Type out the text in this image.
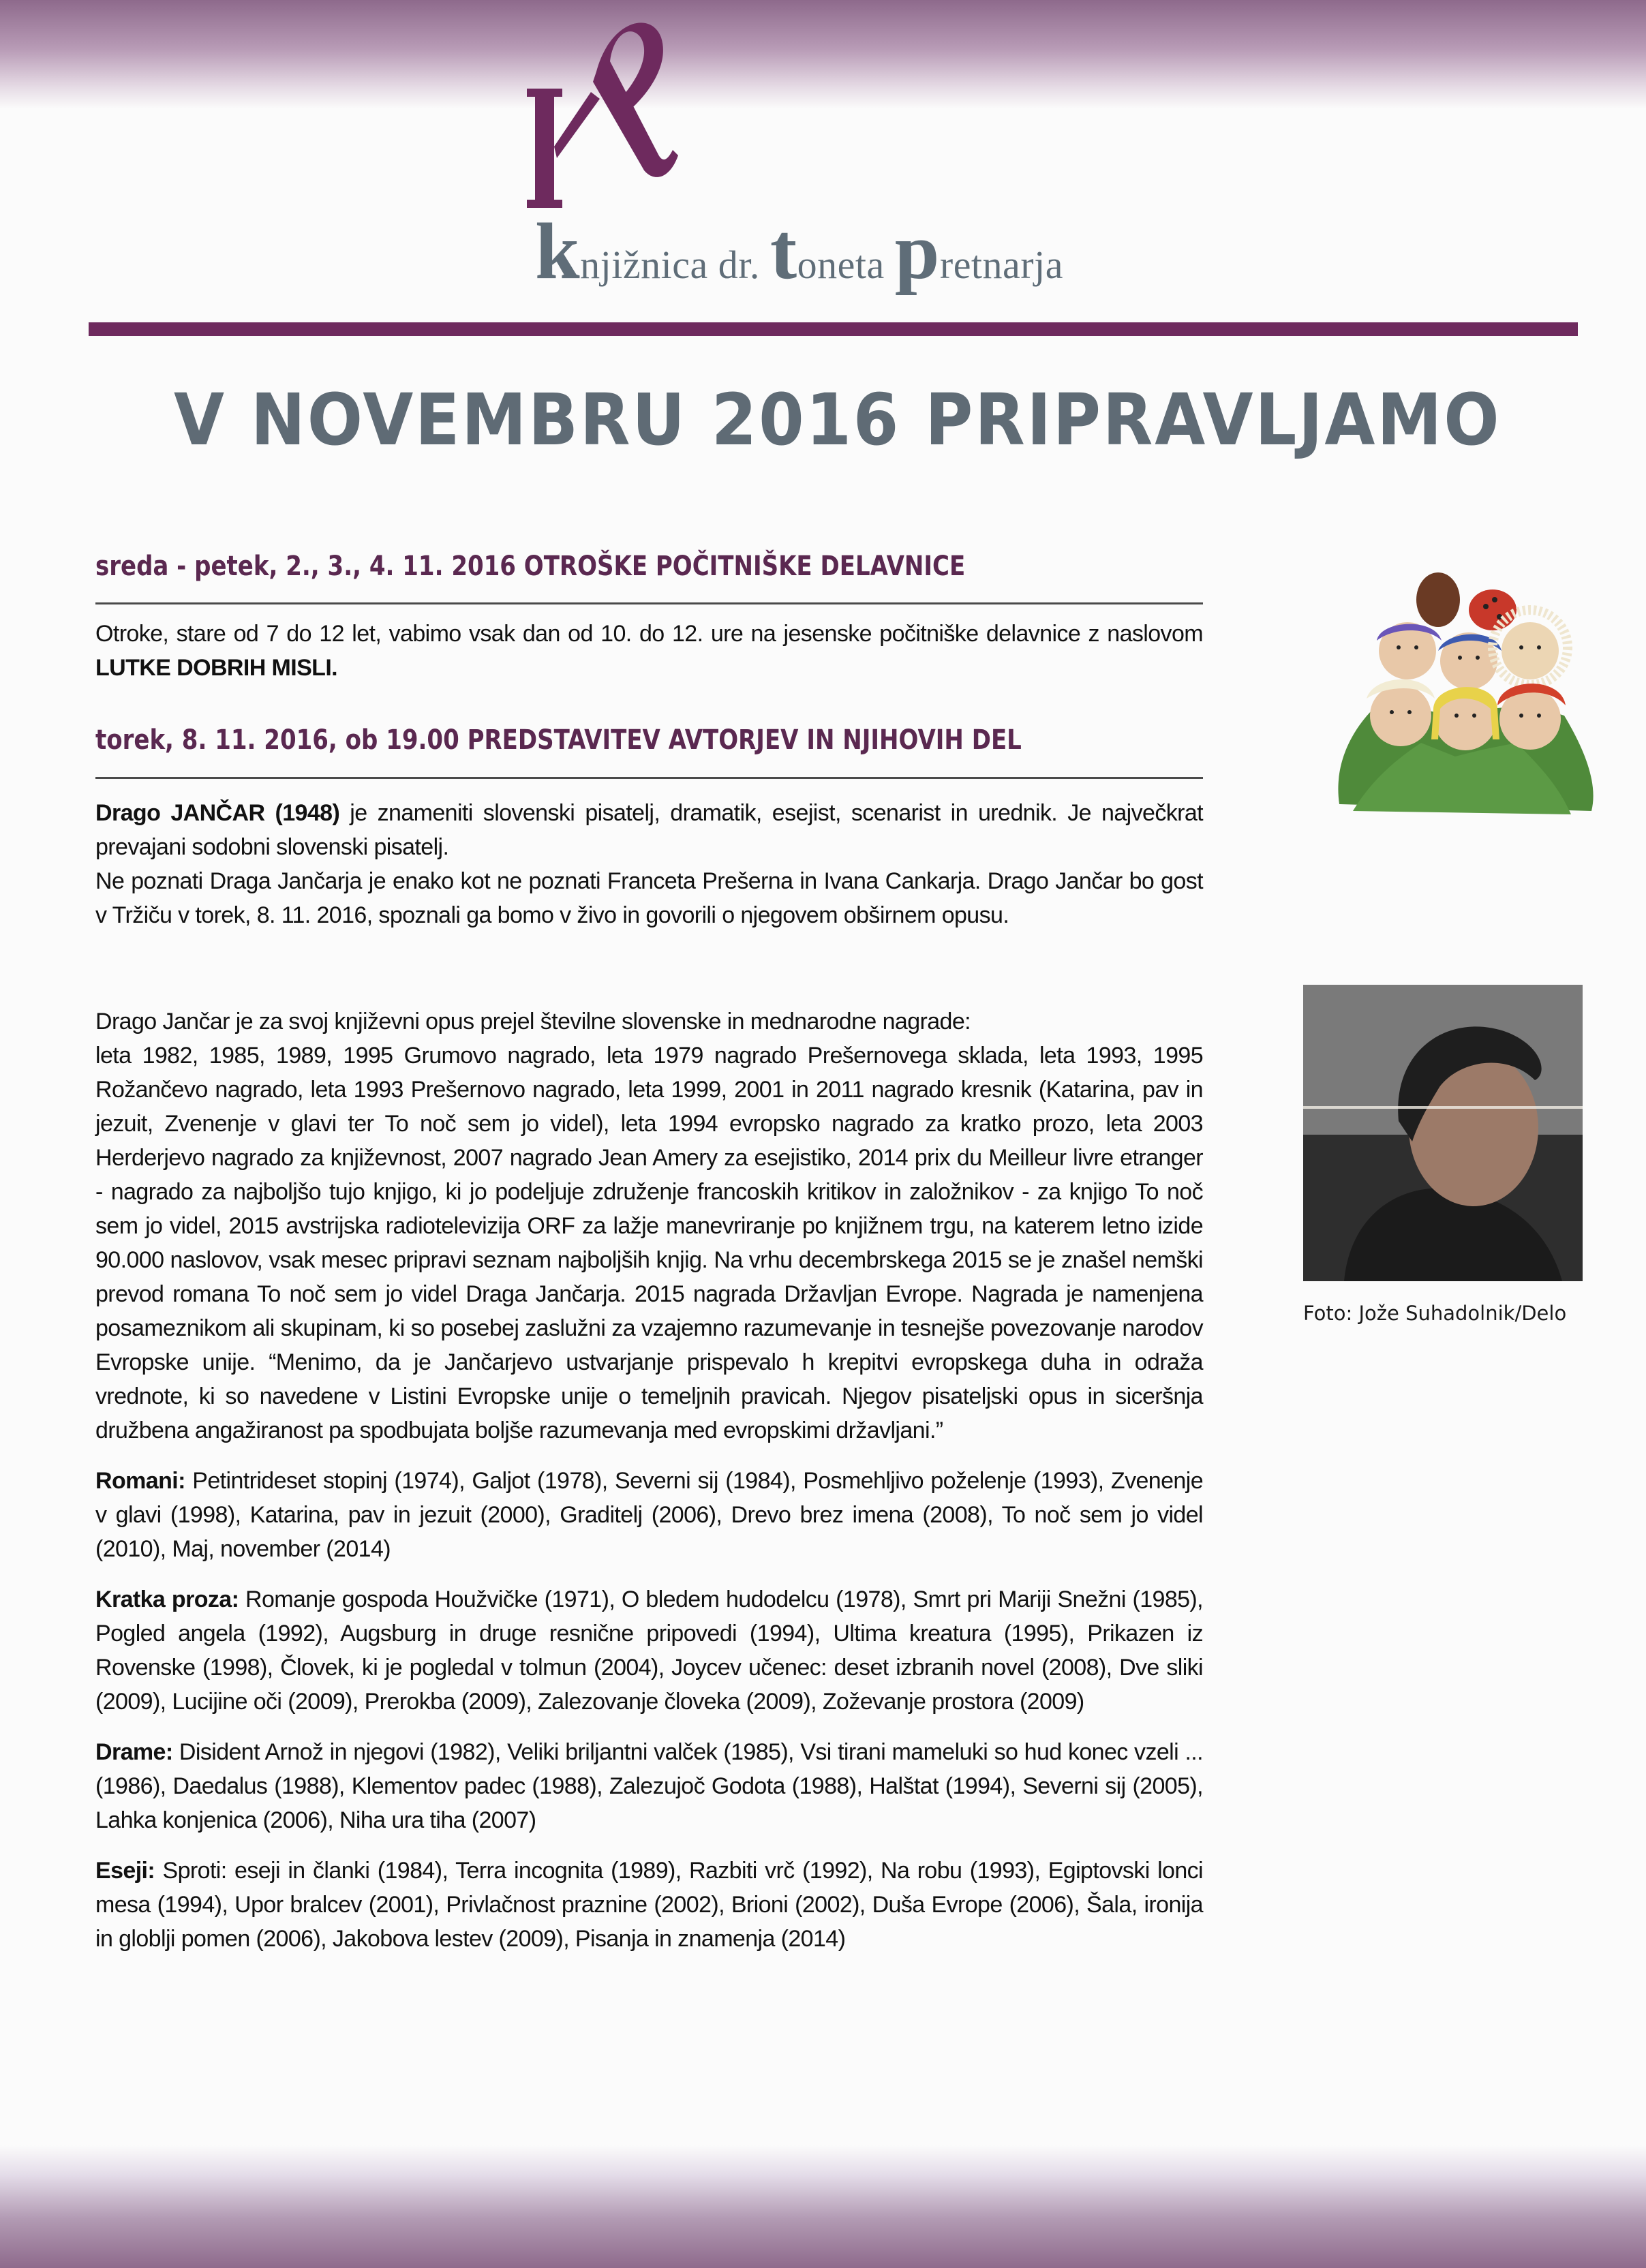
knjižnica dr. toneta pretnarja
V NOVEMBRU 2016 PRIPRAVLJAMO
sreda - petek, 2., 3., 4. 11. 2016 OTROŠKE POČITNIŠKE DELAVNICE

Otroke, stare od 7 do 12 let, vabimo vsak dan od 10. do 12. ure na jesenske počitniške delavnice z naslovom LUTKE DOBRIH MISLI.

torek, 8. 11. 2016, ob 19.00 PREDSTAVITEV AVTORJEV IN NJIHOVIH DEL

Drago JANČAR (1948) je znameniti slovenski pisatelj, dramatik, esejist, scenarist in urednik. Je največkrat prevajani sodobni slovenski pisatelj.

Ne poznati Draga Jančarja je enako kot ne poznati Franceta Prešerna in Ivana Cankarja. Drago Jančar bo gost v Tržiču v torek, 8. 11. 2016, spoznali ga bomo v živo in govorili o njegovem obširnem opusu.

Drago Jančar je za svoj književni opus prejel številne slovenske in mednarodne nagrade:

leta 1982, 1985, 1989, 1995 Grumovo nagrado, leta 1979 nagrado Prešernovega sklada, leta 1993, 1995 Rožančevo nagrado, leta 1993 Prešernovo nagrado, leta 1999, 2001 in 2011 nagrado kresnik (Katarina, pav in jezuit, Zvenenje v glavi ter To noč sem jo videl), leta 1994 evropsko nagrado za kratko prozo, leta 2003 Herderjevo nagrado za književnost, 2007 nagrado Jean Amery za esejistiko, 2014 prix du Meilleur livre etranger - nagrado za najboljšo tujo knjigo, ki jo podeljuje združenje francoskih kritikov in založnikov - za knjigo To noč sem jo videl, 2015 avstrijska radiotelevizija ORF za lažje manevriranje po knjižnem trgu, na katerem letno izide 90.000 naslovov, vsak mesec pripravi seznam najboljših knjig. Na vrhu decembrskega 2015 se je znašel nemški prevod romana To noč sem jo videl Draga Jančarja. 2015 nagrada Državljan Evrope. Nagrada je namenjena posameznikom ali skupinam, ki so posebej zaslužni za vzajemno razumevanje in tesnejše povezovanje narodov Evropske unije. “Menimo, da je Jančarjevo ustvarjanje prispevalo h krepitvi evropskega duha in odraža vrednote, ki so navedene v Listini Evropske unije o temeljnih pravicah. Njegov pisateljski opus in siceršnja družbena angažiranost pa spodbujata boljše razumevanja med evropskimi državljani.”

Romani: Petintrideset stopinj (1974), Galjot (1978), Severni sij (1984), Posmehljivo poželenje (1993), Zvenenje v glavi (1998), Katarina, pav in jezuit (2000), Graditelj (2006), Drevo brez imena (2008), To noč sem jo videl (2010), Maj, november (2014)

Kratka proza: Romanje gospoda Houžvičke (1971), O bledem hudodelcu (1978), Smrt pri Mariji Snežni (1985), Pogled angela (1992), Augsburg in druge resnične pripovedi (1994), Ultima kreatura (1995), Prikazen iz Rovenske (1998), Človek, ki je pogledal v tolmun (2004), Joycev učenec: deset izbranih novel (2008), Dve sliki (2009), Lucijine oči (2009), Prerokba (2009), Zalezovanje človeka (2009), Zoževanje prostora (2009)

Drame: Disident Arnož in njegovi (1982), Veliki briljantni valček (1985), Vsi tirani mameluki so hud konec vzeli ...(1986), Daedalus (1988), Klementov padec (1988), Zalezujoč Godota (1988), Halštat (1994), Severni sij (2005), Lahka konjenica (2006), Niha ura tiha (2007)

Eseji: Sproti: eseji in članki (1984), Terra incognita (1989), Razbiti vrč (1992), Na robu (1993), Egiptovski lonci mesa (1994), Upor bralcev (2001), Privlačnost praznine (2002), Brioni (2002), Duša Evrope (2006), Šala, ironija in globlji pomen (2006), Jakobova lestev (2009), Pisanja in znamenja (2014)

Foto: Jože Suhadolnik/Delo
